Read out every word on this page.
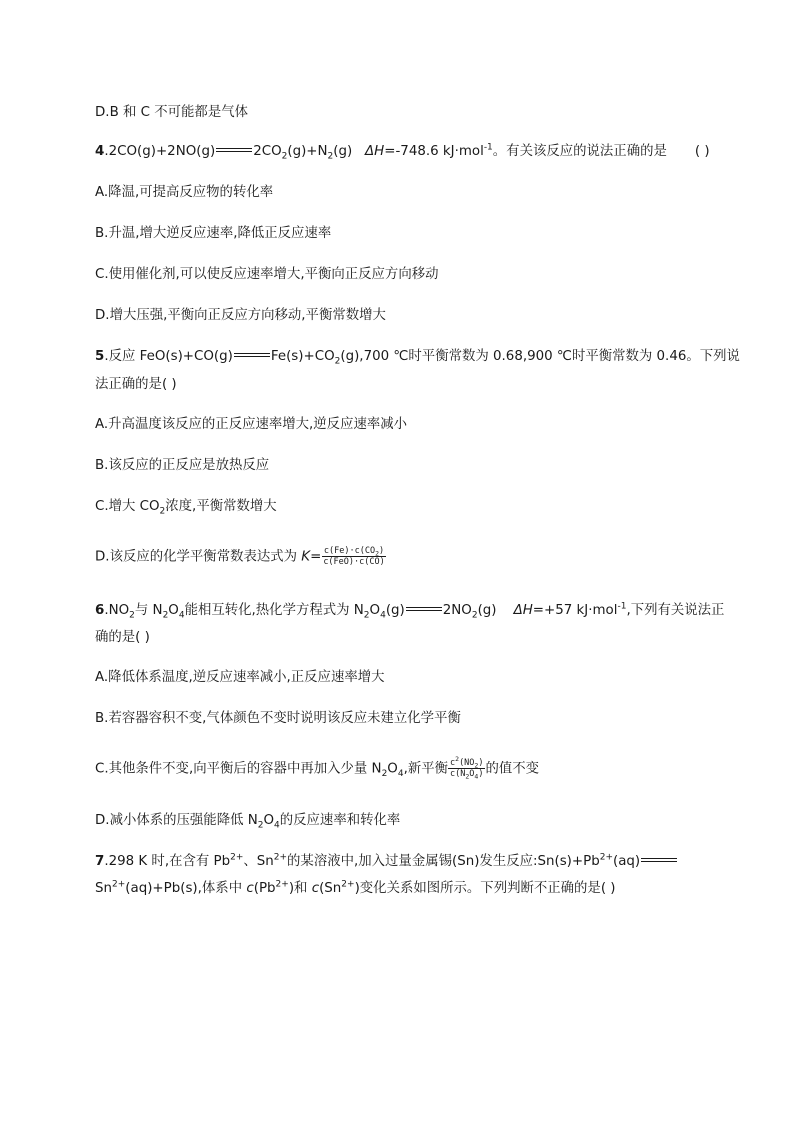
D.B 和 C 不可能都是气体
4.2CO(g)+2NO(g)	$2CO_2(g)+N_2(g)$ ΔH=-748.6 kJ·mol$^{-1}$。有关该反应的说法正确的是 ( )
A.降温,可提高反应物的转化率
B.升温,增大逆反应速率,降低正反应速率
C.使用催化剂,可以使反应速率增大,平衡向正反应方向移动
D.增大压强,平衡向正反应方向移动,平衡常数增大
5.反应 FeO(s)+CO(g)	$Fe(s)+CO_2(g),700$ ℃时平衡常数为 0.68,900 ℃时平衡常数为 0.46。下列说
法正确的是( )
A.升高温度该反应的正反应速率增大,逆反应速率减小
B.该反应的正反应是放热反应
C.增大 $CO_2$浓度,平衡常数增大
D.该反应的化学平衡常数表达式为 $K= \frac{c(Fe)\cdot c(CO_2)}{\text{c(FeO)·c(CO)}}$
$6.NO_2$与 $N_2O_4$能相互转化,热化学方程式为 $N_2O_4(g)$	$2NO_2(g)$    ΔH=+57 kJ·mol$^{-1}$,下列有关说法正
确的是( )
A.降低体系温度,逆反应速率减小,正反应速率增大
B.若容器容积不变,气体颜色不变时说明该反应未建立化学平衡
C.其他条件不变,向平衡后的容器中再加入少量 $N_2O_4$,新平衡 $\frac{c^2(NO_2)}{c(N_2O_4)}$ 的值不变
D.减小体系的压强能降低 $N_2O_4$的反应速率和转化率
7.298 K 时,在含有 $Pb^{2+}$、$Sn^{2+}$的某溶液中,加入过量金属锡(Sn)发生反应$:Sn(s)+Pb^{2+}(aq)$
$Sn^{2+}(aq)+Pb(s)$,体系中 $c(Pb^{2+})$和 $c(Sn^{2+})$变化关系如图所示。下列判断不正确的是( )
